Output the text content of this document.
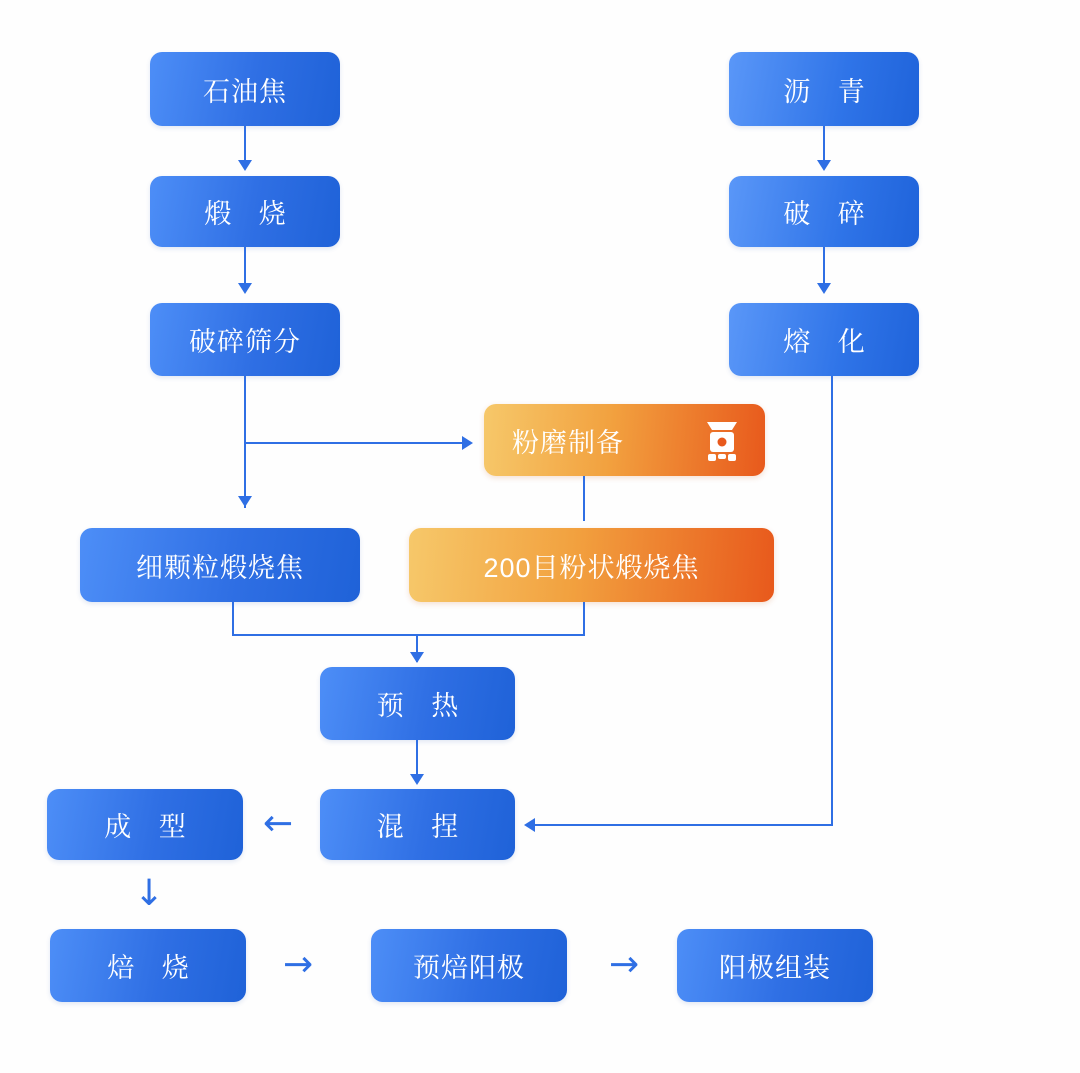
石油焦
煅 烧
破碎筛分
沥 青
破 碎
熔 化
粉磨制备
细颗粒煅烧焦	200目粉状煅烧焦
预 热
混 捏
←
成 型
↓
焙 烧 →	预焙阳极 →	阳极组装
